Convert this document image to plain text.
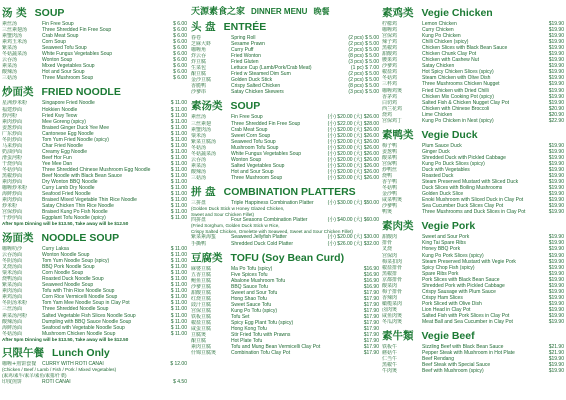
汤 类 SOUP
素丝汤	Fin Free Soup	$ 6.00
三丝素翅汤	Three Shredded Fin Free Soup	$ 6.00
素蟹肉汤	Crab Meat Soup	$ 6.00
素鸡玉米汤	Corn Soup	$ 6.00
紫菜汤	Seaweed Tofu Soup	$ 6.00
冬菇蔬菜汤	White Fungus Vegetables Soup	$ 6.00
云吞汤	Wonton Soup	$ 6.00
素菜汤	Mixed Vegetables Soup	$ 6.00
酸辣汤	Hot and Sour Soup	$ 6.00
三菇汤	Three Mushroom Soup	$ 6.00
炒面类 FRIED NOODLE
星洲炒米粉	Singapore Fried Noodle	$ 11.00
福建炒面	Hokkien Noodle	$ 11.00
炒河粉	Fried Kwy Teow	$ 11.00
素肉炒面	Mee Goreng (spicy)	$ 11.00
姜葱炒面	Braised Ginger Duck Yee Mee	$ 11.00
广东炒面	Cantonese Egg Noodle	$ 11.00
冬阴炒面	Tom Yum Fried Noodle (spicy)	$ 11.00
马来炒面	Char Fried Noodle	$ 11.00
奶油伊面	Creamy Egg Noodle	$ 11.00
滑蛋河粉	Beef Hor Fun	$ 11.00
干烧伊面	Yee Mee Dan	$ 11.00
冬菇伊面	Three Shredded Chinese Mushroom Egg Noodle	$ 11.00
黑椒炒面	Beef Noodle with Black Bean Sauce	$ 11.00
素肉炒面	Dry Wonton BBQ Noodle	$ 11.00
咖喱炒米粉	Curry Lamb Dry Noodle	$ 11.00
海鲜炒面	Seafood Fried Noodle	$ 11.00
素肉炒面	Braised Mixed Vegetable Thin Rice Noodle	$ 11.00
炒米粉	Satay Chicken Thin Rice Noodle	$ 11.00
宫保炒面	Braised Kung Po Fish Noodle	$ 11.00
干炒伊面	Eggplant Tofu Noodle (spicy)	$ 11.00
After 5pm Dinning will be $13.50, Take away will be $12.50
汤面类 NOODLE SOUP
咖喱叻沙	Curry Laksa	$ 11.00
云吞汤面	Wonton Noodle Soup	$ 11.00
冬阴汤面	Tom Yum Noodle Soup (spicy)	$ 11.00
叉烧汤面	BBQ Pork Noodle Soup	$ 11.00
粟米汤面	Corn Noodle Soup	$ 11.00
烧鸭汤面	Roasted Duck Noodle Soup	$ 11.00
紫菜汤面	Seaweed Noodle Soup	$ 11.00
素肉汤面	Tofu with Thin Rice Noodle Soup	$ 11.00
素鸡汤面	Corn Rice Vermicelli Noodle Soup	$ 11.00
冬阴汤米粉	Tom Yam Mee Noodle Soup in Clay Pot	$ 11.00
三丝汤面	Three Shredded Noodle Soup	$ 11.00
素菜汤河粉	Salted Vegetable Fish Slices Noodle Soup	$ 11.00
酸辣汤面	Dumpling with BBQ Sauce Noodle Soup	$ 11.00
海鲜汤面	Seafood with Vegetable Noodle Soup	$ 11.00
冬菇汤面	Mushroom Chicken Noodle Soup	$ 11.00
After 5pm Dinning will be $13.50, Take away will be $12.50
只限午餐 Lunch Only
咖喱+煎饼套餐	CURRY WITH ROTI CANAI	$ 12.00
(Chicken / Beef / Lamb / Fish / Pork / Mixed Vegetables)
(素鸡/素牛/素羊/素鱼/素猪/什菜)
印度煎饼	ROTI CANAI	$ 4.50
天源素食之家 DINNER MENU 晚餐
头 盘 ENTRÉE
春卷	Spring Roll	(2 pcs) $ 5.00
芝麻大虾	Sesame Prawn	(2 pcs) $ 5.00
咖喱角	Curry Puff	(2 pcs) $ 5.00
炸云吞	Fried Wonton	(8 pcs) $ 5.00
炸豆腐	Fried Gluten	(3 pcs) $ 5.00
生菜包	Lettuce Cup (Lamb/Pork/Crab Meat)	(1 pc) $ 7.00
酿豆腐	Fried w Steamed Dim Sum	(2 pcs) $ 5.00
金沙豆腐	Golden Duck Stick	(2 pcs) $ 5.00
香脆鸭	Crispy Salted Chicken	(8 pcs) $ 5.00
沙爹串	Satay Chicken Skewers	(3 pcs) $ 5.00
素汤类 SOUP
素丝汤	Fin Free Soup	(小) $20.00 (大) $26.00
三丝素翅	Three Shredded Fin Free Soup	(小) $22.00 (大) $28.00
素蟹肉汤	Crab Meat Soup	(小) $20.00 (大) $26.00
粟米汤	Sweet Corn Soup	(小) $20.00 (大) $26.00
紫菜豆腐汤	Seaweed Tofu Soup	(小) $20.00 (大) $26.00
冬菇汤	Mushroom Tofu Soup	(小) $20.00 (大) $26.00
冬菇蔬菜汤	White Fungus Vegetables Soup	(小) $20.00 (大) $26.00
云吞汤	Wonton Soup	(小) $20.00 (大) $26.00
素菜汤	Salted Vegetables Soup	(小) $20.00 (大) $26.00
酸辣汤	Hot and Sour Soup	(小) $20.00 (大) $26.00
三菇汤	Three Mushroom Soup	(小) $20.00 (大) $26.00
拼 盘 COMBINATION PLATTERS
三拼盘	Triple Happiness Combination Platter	(小) $30.00 (大) $50.00
(Golden Duck Stick w Honey Glazed Chicken,
Sweet and Sour Chicken Fillet)
四拼盘	Four Seasons Combination Platter	(小) $40.00 (大) $60.00
(Fried Sorghum, Golden Duck Stick w Rice,
Crispy Salted Chicken, Omelette with Seaweed, Sweet and Sour Chicken Fillet)
紫菜素海蜇	Seaweed Jellyfish Platter	(小) $20.00 (大) $30.00
手撕鸭	Shredded Duck Cold Platter	(小) $26.00 (大) $32.00
豆腐类 TOFU (Soy Bean Curd)
麻婆豆腐	Ma Po Tofu (spicy)	$16.90
五香豆腐	Five Spices Tofu	$16.90
鲍鱼豆腐	Abalone Mushroom Tofu	$16.90
沙爹豆腐	BBQ Sauce Tofu	$16.90
甜酸豆腐	Sweet and Sour Tofu	$17.90
红烧豆腐	Hong Shao Tofu	$17.90
豉汁豆腐	Sweet Sauce Tofu	$17.90
宫保豆腐	Kung Po Tofu (spicy)	$17.90
铁板豆腐	Tofu Set	$17.90
椒盐豆腐	Spicy Egg Plant Tofu (spicy)	$17.90
咸蛋豆腐	Hong Kong Tofu	$17.90
豆腐煲	Stir Fried Tofu with Prawns	$17.90
酿豆腐	Hot Plate Tofu	$17.90
素肉豆腐	Tofu and Mung Bean Vermicelli Clay Pot	$17.90
什锦豆腐煲	Combination Tofu Clay Pot	$17.90
素鸡类 Vegie Chicken
柠檬鸡	Lemon Chicken	$19.90
咖喱鸡	Curry Chicken	$19.90
宫保鸡	Kung Po Chicken	$19.90
辣子鸡	Chilli Chicken (spicy)	$19.90
黑椒鸡	Chicken Slices with Black Bean Sauce	$19.90
甜酸鸡	Chicken Chunk Clay Pot	$19.90
腰果鸡	Chicken with Cashew Nut	$19.90
沙爹鸡	Satay Chicken	$19.90
椒盐鸡	Hot Spicy Chicken Slices (spicy)	$19.90
冬菇鸡	Steam Chicken with Olive Dish	$19.90
三杯鸡	Three Mushrooms Chicken Nugget	$19.90
咖喱鸡煲	Fried Chicken with Dried Chilli	$19.90
香茅鸡	Chicken Mix Cooking Pot (spicy)	$19.90
白切鸡	Salted Fish & Chicken Nugget Clay Pot	$19.90
西兰花鸡	Chicken with Chinese Broccoli	$20.90
烧鸡	Lime Chicken	$20.90
宫保鸡丁	Kung Po Chicken in Nest (spicy)	$22.90
素鸭类 Vegie Duck
梅子鸭	Plum Sauce Duck	$19.90
姜葱鸭	Ginger Duck	$19.90
酸菜鸭	Shredded Duck with Pickled Cabbage	$19.90
宫保鸭	Kung Po Duck Slices (spicy)	$19.90
炒鸭丝	Duck with Vegetables	$19.90
烧鸭	Roasted Duck	$19.90
香芋鸭	Steam Preserved Mustard with Sliced Duck	$19.90
冬菇鸭	Duck Slices with Boiling Mushrooms	$19.90
金沙鸭	Golden Duck Slice	$19.90
咸菜鸭煲	Enoki Mushroom with Sliced Duck in Clay Pot	$19.90
沙爹鸭	Sea Cucumber Duck Slices Clay Pot	$19.90
鸭煲	Three Mushrooms and Duck Slices in Clay Pot	$19.90
素肉类 Vegie Pork
甜酸肉	Sweet and Sour Pork	$19.90
排骨	King Tai Spare Ribs	$19.90
叉烧	Honey BBQ Pork	$19.90
宫保肉	Kung Po Pork Slices (spicy)	$19.90
梅菜扣肉	Steam Preserved Mustard with Vegie Pork	$19.90
椒盐排骨	Spicy Chop Fish (spicy)	$19.90
黑椒排	Spare Ribs Pork	$19.90
京都排骨	Pork Slices with Black Bean Sauce	$19.90
酸菜肉	Shredded Pork with Pickled Cabbage	$19.90
梅子排骨	Crispy Sausage with Plum Sauce	$19.90
香辣肉	Crispy Ham Slices	$19.90
橄榄菜肉	Pork Sliced with Olive Dish	$19.90
卤肉煲	Lion Head in Clay Pot	$19.90
咸鱼肉煲	Salted Fish with Pork Slices in Clay Pot	$19.90
冬瓜肉煲	Meat Ball and Sea Cucumber in Clay Pot	$19.90
素牛類 Vegie Beef
铁板牛	Sizzling Beef with Black Bean Sauce	$21.90
蘑菇牛	Pepper Steak with Mushroom in Hot Plate	$21.90
仁当牛	Beef Rendang	$19.90
黑椒牛	Beef Steak with Special Sauce	$19.90
牛肉煲	Beef with Mushroom (spicy)	$19.90
